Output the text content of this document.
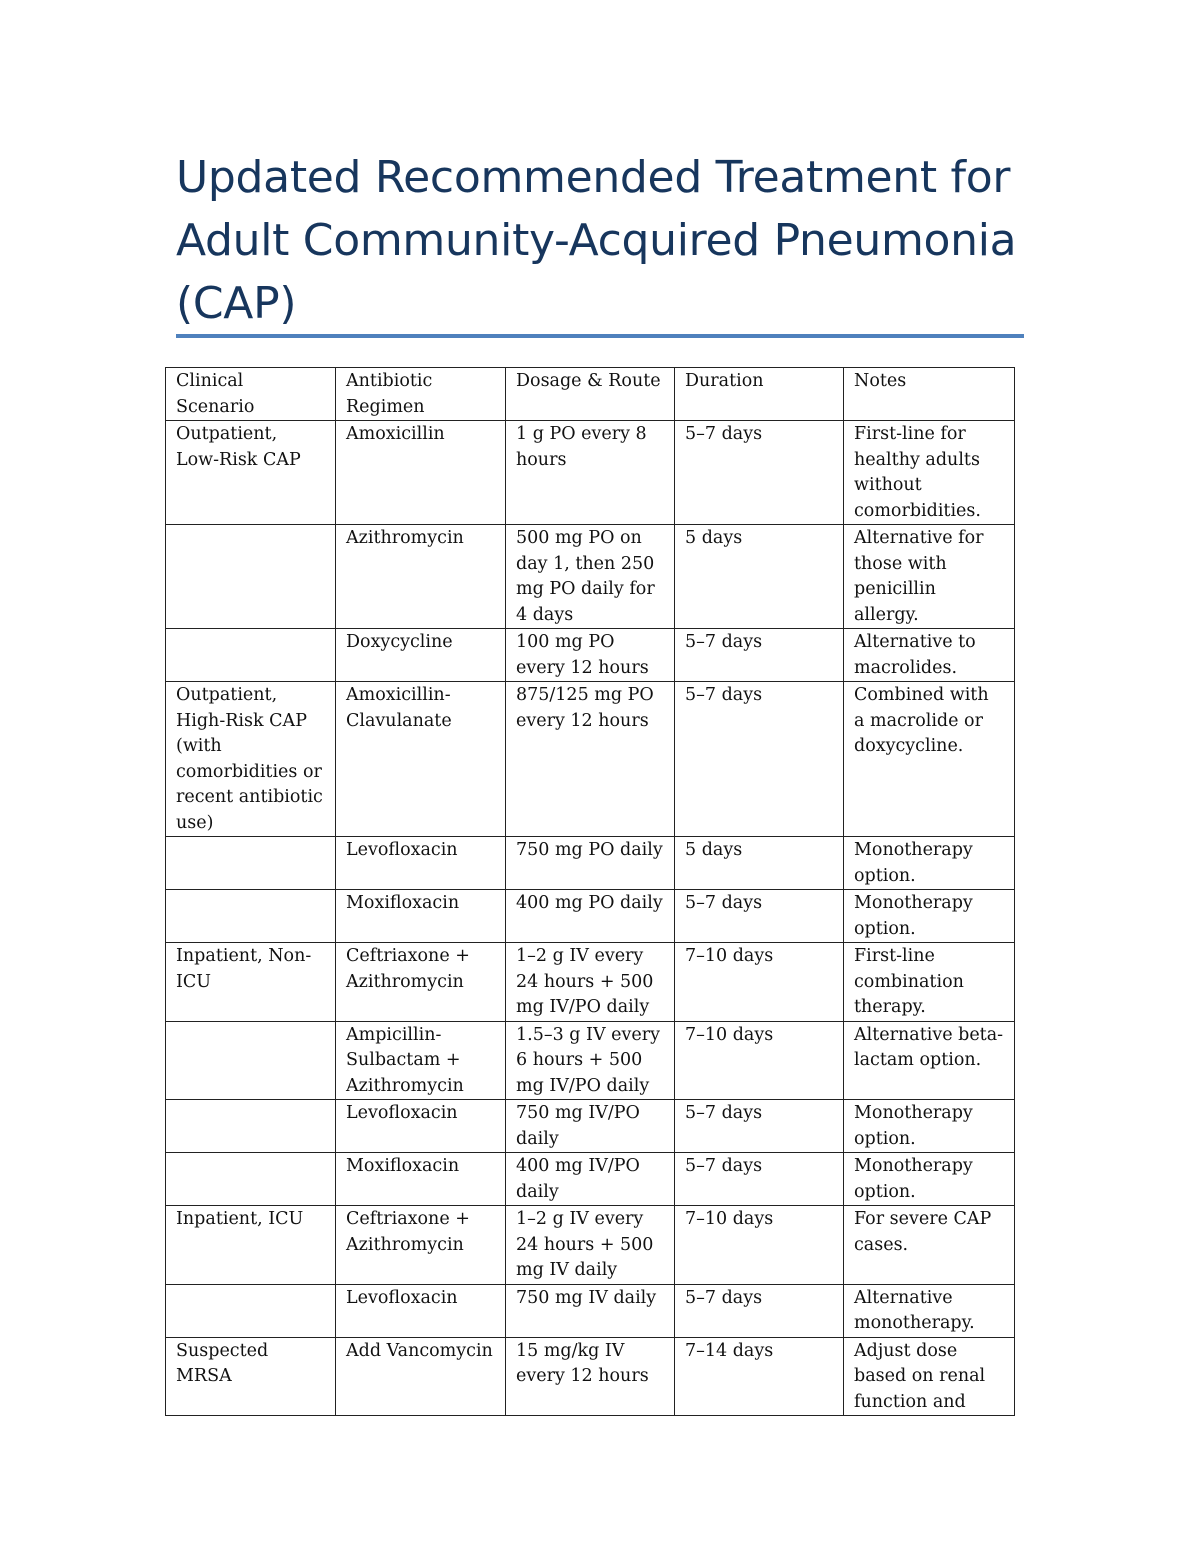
Updated Recommended Treatment for Adult Community-Acquired Pneumonia (CAP)
Clinical Scenario	Antibiotic Regimen	Dosage & Route	Duration	Notes
Outpatient, Low-Risk CAP	Amoxicillin	1 g PO every 8 hours	5–7 days	First-line for healthy adults without comorbidities.
	Azithromycin	500 mg PO on day 1, then 250 mg PO daily for 4 days	5 days	Alternative for those with penicillin allergy.
	Doxycycline	100 mg PO every 12 hours	5–7 days	Alternative to macrolides.
Outpatient, High-Risk CAP (with comorbidities or recent antibiotic use)	Amoxicillin-Clavulanate	875/125 mg PO every 12 hours	5–7 days	Combined with a macrolide or doxycycline.
	Levofloxacin	750 mg PO daily	5 days	Monotherapy option.
	Moxifloxacin	400 mg PO daily	5–7 days	Monotherapy option.
Inpatient, Non-ICU	Ceftriaxone + Azithromycin	1–2 g IV every 24 hours + 500 mg IV/PO daily	7–10 days	First-line combination therapy.
	Ampicillin-Sulbactam + Azithromycin	1.5–3 g IV every 6 hours + 500 mg IV/PO daily	7–10 days	Alternative beta-lactam option.
	Levofloxacin	750 mg IV/PO daily	5–7 days	Monotherapy option.
	Moxifloxacin	400 mg IV/PO daily	5–7 days	Monotherapy option.
Inpatient, ICU	Ceftriaxone + Azithromycin	1–2 g IV every 24 hours + 500 mg IV daily	7–10 days	For severe CAP cases.
	Levofloxacin	750 mg IV daily	5–7 days	Alternative monotherapy.
Suspected MRSA	Add Vancomycin	15 mg/kg IV every 12 hours	7–14 days	Adjust dose based on renal function and
